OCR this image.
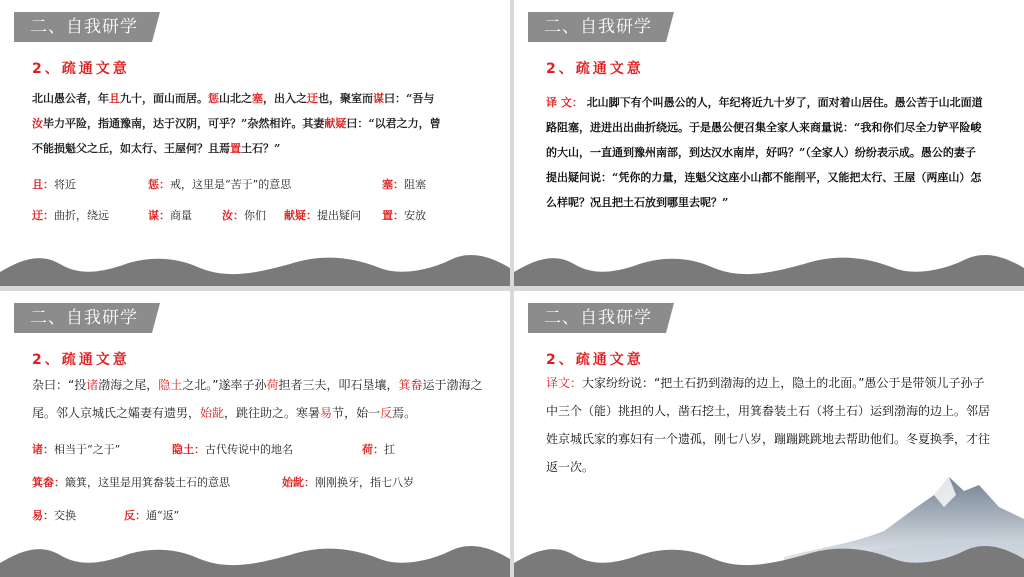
二、自我研学
2、疏通文意
北山愚公者，年且九十，面山而居。惩山北之塞，出入之迂也，聚室而谋曰：“吾与汝毕力平险，指通豫南，达于汉阴，可乎？”杂然相许。其妻献疑曰：“以君之力，曾不能损魁父之丘，如太行、王屋何？且焉置土石？”
且：将近	惩：戒，这里是“苦于”的意思	塞：阻塞
迂：曲折，绕远	谋：商量	汝：你们 献疑：提出疑问 置：安放
二、自我研学
2、疏通文意
译 文： 北山脚下有个叫愚公的人，年纪将近九十岁了，面对着山居住。愚公苦于山北面道路阻塞，进进出出曲折绕远。于是愚公便召集全家人来商量说：“我和你们尽全力铲平险峻的大山，一直通到豫州南部，到达汉水南岸，好吗？”（全家人）纷纷表示成。愚公的妻子提出疑问说：“凭你的力量，连魁父这座小山都不能削平，又能把太行、王屋（两座山）怎么样呢？况且把土石放到哪里去呢？”
二、自我研学
2、疏通文意
杂曰：“投诸渤海之尾，隐土之北。”遂率子孙荷担者三夫，叩石垦壤，箕畚运于渤海之尾。邻人京城氏之孀妻有遗男，始龀，跳往助之。寒暑易节，始一反焉。
诸：相当于“之于”	隐土：古代传说中的地名	荷：扛
箕畚：簸箕，这里是用箕畚装土石的意思	始龀：刚刚换牙，指七八岁
易：交换	反：通“返”
二、自我研学
2、疏通文意
译文：大家纷纷说：“把土石扔到渤海的边上，隐土的北面。”愚公于是带领儿子孙子中三个（能）挑担的人，凿石挖土，用箕畚装土石（将土石）运到渤海的边上。邻居姓京城氏家的寡妇有一个遗孤，刚七八岁，蹦蹦跳跳地去帮助他们。冬夏换季，才往返一次。
